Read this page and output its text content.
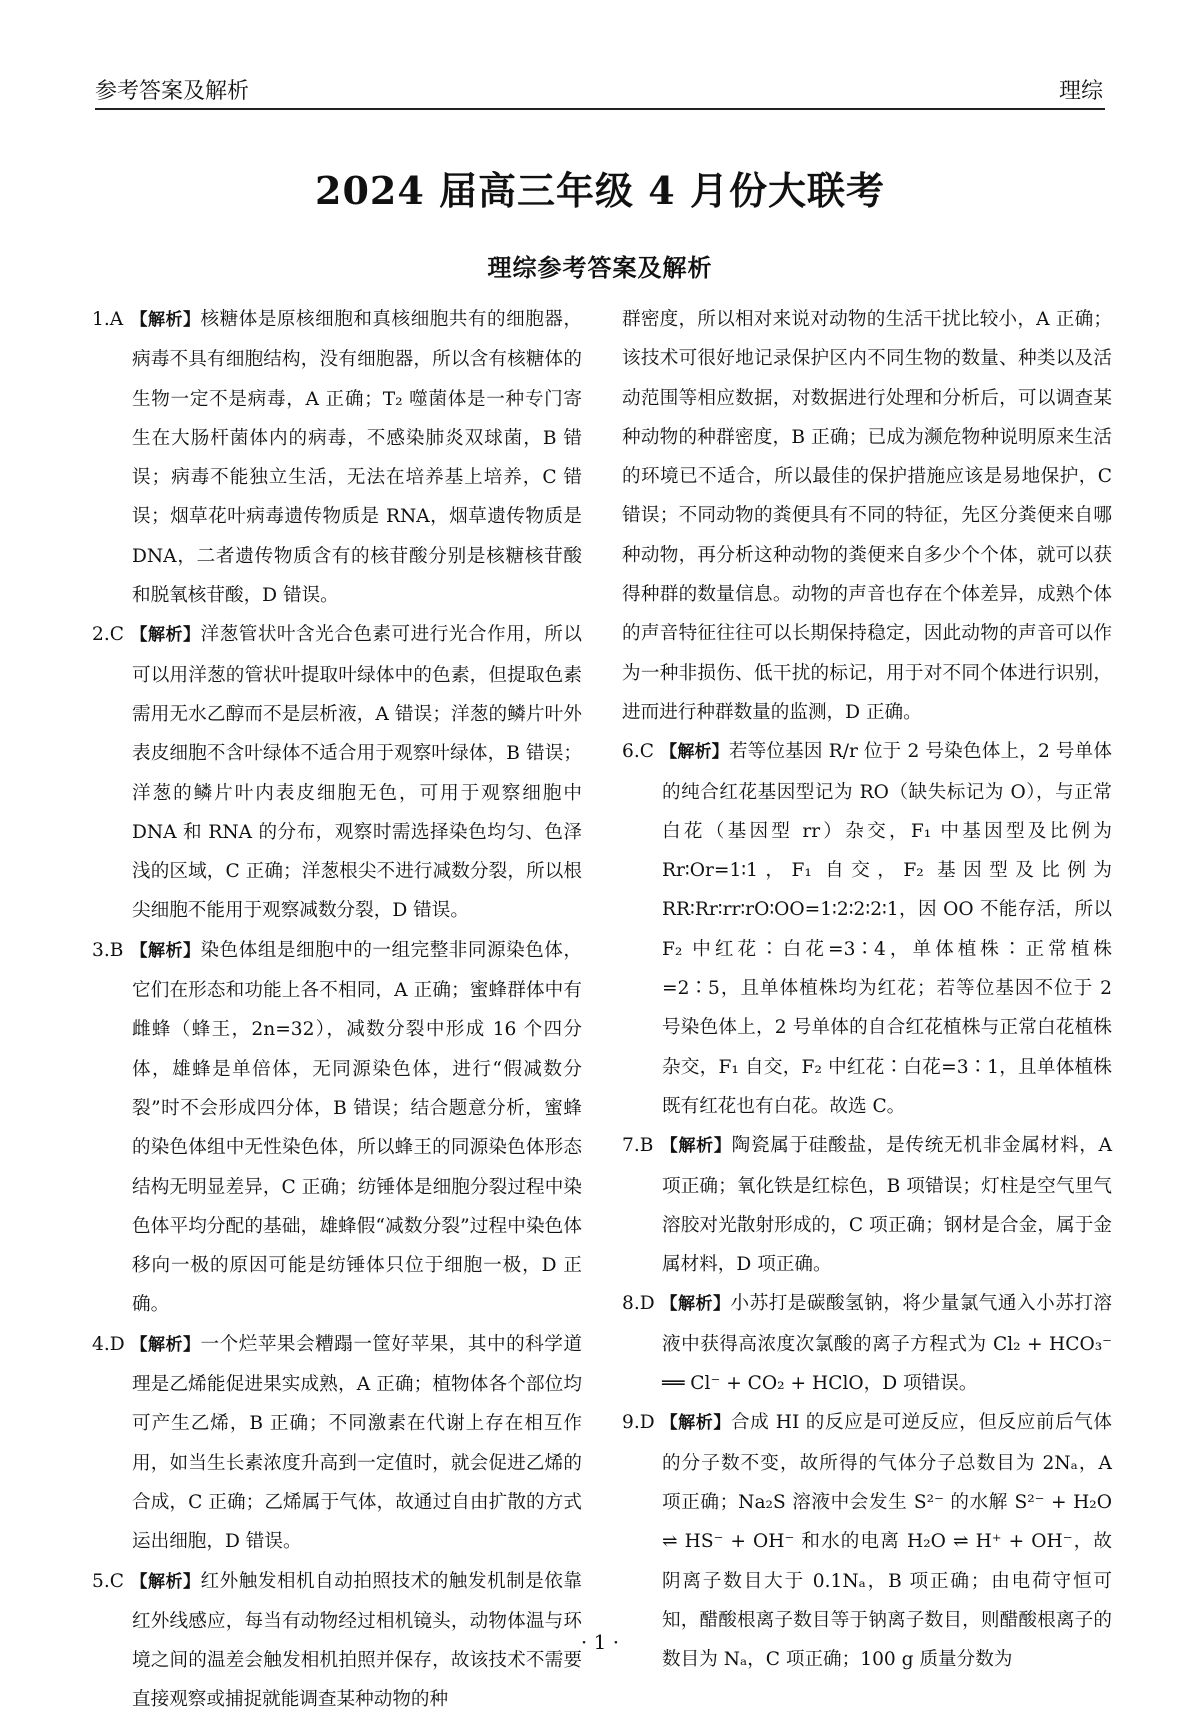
参考答案及解析	理综
2024 届高三年级 4 月份大联考
理综参考答案及解析

1.A 【解析】核糖体是原核细胞和真核细胞共有的细胞器，病毒不具有细胞结构，没有细胞器，所以含有核糖体的生物一定不是病毒，A 正确；T₂ 噬菌体是一种专门寄生在大肠杆菌体内的病毒，不感染肺炎双球菌，B 错误；病毒不能独立生活，无法在培养基上培养，C 错误；烟草花叶病毒遗传物质是 RNA，烟草遗传物质是 DNA，二者遗传物质含有的核苷酸分别是核糖核苷酸和脱氧核苷酸，D 错误。

2.C 【解析】洋葱管状叶含光合色素可进行光合作用，所以可以用洋葱的管状叶提取叶绿体中的色素，但提取色素需用无水乙醇而不是层析液，A 错误；洋葱的鳞片叶外表皮细胞不含叶绿体不适合用于观察叶绿体，B 错误；洋葱的鳞片叶内表皮细胞无色，可用于观察细胞中 DNA 和 RNA 的分布，观察时需选择染色均匀、色泽浅的区域，C 正确；洋葱根尖不进行减数分裂，所以根尖细胞不能用于观察减数分裂，D 错误。

3.B 【解析】染色体组是细胞中的一组完整非同源染色体，它们在形态和功能上各不相同，A 正确；蜜蜂群体中有雌蜂（蜂王，2n=32），减数分裂中形成 16 个四分体，雄蜂是单倍体，无同源染色体，进行“假减数分裂”时不会形成四分体，B 错误；结合题意分析，蜜蜂的染色体组中无性染色体，所以蜂王的同源染色体形态结构无明显差异，C 正确；纺锤体是细胞分裂过程中染色体平均分配的基础，雄蜂假“减数分裂”过程中染色体移向一极的原因可能是纺锤体只位于细胞一极，D 正确。

4.D 【解析】一个烂苹果会糟蹋一筐好苹果，其中的科学道理是乙烯能促进果实成熟，A 正确；植物体各个部位均可产生乙烯，B 正确；不同激素在代谢上存在相互作用，如当生长素浓度升高到一定值时，就会促进乙烯的合成，C 正确；乙烯属于气体，故通过自由扩散的方式运出细胞，D 错误。

5.C 【解析】红外触发相机自动拍照技术的触发机制是依靠红外线感应，每当有动物经过相机镜头，动物体温与环境之间的温差会触发相机拍照并保存，故该技术不需要直接观察或捕捉就能调查某种动物的种

群密度，所以相对来说对动物的生活干扰比较小，A 正确；该技术可很好地记录保护区内不同生物的数量、种类以及活动范围等相应数据，对数据进行处理和分析后，可以调查某种动物的种群密度，B 正确；已成为濒危物种说明原来生活的环境已不适合，所以最佳的保护措施应该是易地保护，C 错误；不同动物的粪便具有不同的特征，先区分粪便来自哪种动物，再分析这种动物的粪便来自多少个个体，就可以获得种群的数量信息。动物的声音也存在个体差异，成熟个体的声音特征往往可以长期保持稳定，因此动物的声音可以作为一种非损伤、低干扰的标记，用于对不同个体进行识别，进而进行种群数量的监测，D 正确。

6.C 【解析】若等位基因 R/r 位于 2 号染色体上，2 号单体的纯合红花基因型记为 RO（缺失标记为 O），与正常白花（基因型 rr）杂交，F₁ 中基因型及比例为 Rr∶Or=1∶1，F₁ 自交，F₂ 基因型及比例为 RR∶Rr∶rr∶rO∶OO=1∶2∶2∶2∶1，因 OO 不能存活，所以 F₂ 中红花∶白花=3∶4，单体植株∶正常植株=2∶5，且单体植株均为红花；若等位基因不位于 2 号染色体上，2 号单体的自合红花植株与正常白花植株杂交，F₁ 自交，F₂ 中红花∶白花=3∶1，且单体植株既有红花也有白花。故选 C。

7.B 【解析】陶瓷属于硅酸盐，是传统无机非金属材料，A 项正确；氧化铁是红棕色，B 项错误；灯柱是空气里气溶胶对光散射形成的，C 项正确；钢材是合金，属于金属材料，D 项正确。

8.D 【解析】小苏打是碳酸氢钠，将少量氯气通入小苏打溶液中获得高浓度次氯酸的离子方程式为 Cl₂ + HCO₃⁻ ══ Cl⁻ + CO₂ + HClO，D 项错误。

9.D 【解析】合成 HI 的反应是可逆反应，但反应前后气体的分子数不变，故所得的气体分子总数目为 2Nₐ，A 项正确；Na₂S 溶液中会发生 S²⁻ 的水解 S²⁻ + H₂O ⇌ HS⁻ + OH⁻ 和水的电离 H₂O ⇌ H⁺ + OH⁻，故阴离子数目大于 0.1Nₐ，B 项正确；由电荷守恒可知，醋酸根离子数目等于钠离子数目，则醋酸根离子的数目为 Nₐ，C 项正确；100 g 质量分数为

· 1 ·
